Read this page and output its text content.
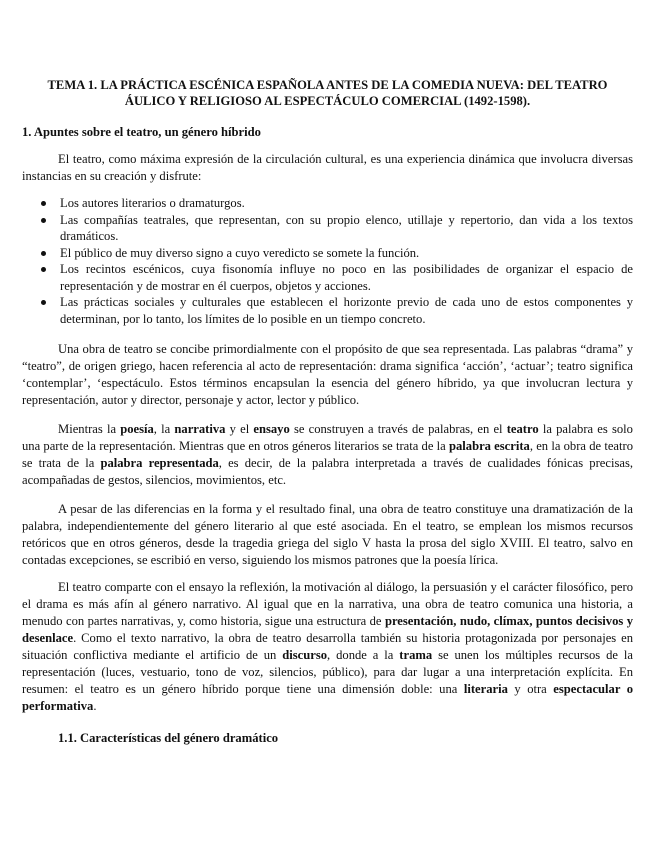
TEMA 1. LA PRÁCTICA ESCÉNICA ESPAÑOLA ANTES DE LA COMEDIA NUEVA: DEL TEATRO ÁULICO Y RELIGIOSO AL ESPECTÁCULO COMERCIAL (1492-1598).
1. Apuntes sobre el teatro, un género híbrido
El teatro, como máxima expresión de la circulación cultural, es una experiencia dinámica que involucra diversas instancias en su creación y disfrute:
Los autores literarios o dramaturgos.
Las compañías teatrales, que representan, con su propio elenco, utillaje y repertorio, dan vida a los textos dramáticos.
El público de muy diverso signo a cuyo veredicto se somete la función.
Los recintos escénicos, cuya fisonomía influye no poco en las posibilidades de organizar el espacio de representación y de mostrar en él cuerpos, objetos y acciones.
Las prácticas sociales y culturales que establecen el horizonte previo de cada uno de estos componentes y determinan, por lo tanto, los límites de lo posible en un tiempo concreto.
Una obra de teatro se concibe primordialmente con el propósito de que sea representada. Las palabras “drama” y “teatro”, de origen griego, hacen referencia al acto de representación: drama significa ‘acción’, ‘actuar’; teatro significa ‘contemplar’, ‘espectáculo. Estos términos encapsulan la esencia del género híbrido, ya que involucran lectura y representación, autor y director, personaje y actor, lector y público.
Mientras la poesía, la narrativa y el ensayo se construyen a través de palabras, en el teatro la palabra es solo una parte de la representación. Mientras que en otros géneros literarios se trata de la palabra escrita, en la obra de teatro se trata de la palabra representada, es decir, de la palabra interpretada a través de cualidades fónicas precisas, acompañadas de gestos, silencios, movimientos, etc.
A pesar de las diferencias en la forma y el resultado final, una obra de teatro constituye una dramatización de la palabra, independientemente del género literario al que esté asociada. En el teatro, se emplean los mismos recursos retóricos que en otros géneros, desde la tragedia griega del siglo V hasta la prosa del siglo XVIII. El teatro, salvo en contadas excepciones, se escribió en verso, siguiendo los mismos patrones que la poesía lírica.
El teatro comparte con el ensayo la reflexión, la motivación al diálogo, la persuasión y el carácter filosófico, pero el drama es más afín al género narrativo. Al igual que en la narrativa, una obra de teatro comunica una historia, a menudo con partes narrativas, y, como historia, sigue una estructura de presentación, nudo, clímax, puntos decisivos y desenlace. Como el texto narrativo, la obra de teatro desarrolla también su historia protagonizada por personajes en situación conflictiva mediante el artificio de un discurso, donde a la trama se unen los múltiples recursos de la representación (luces, vestuario, tono de voz, silencios, público), para dar lugar a una interpretación explícita. En resumen: el teatro es un género híbrido porque tiene una dimensión doble: una literaria y otra espectacular o performativa.
1.1. Características del género dramático
